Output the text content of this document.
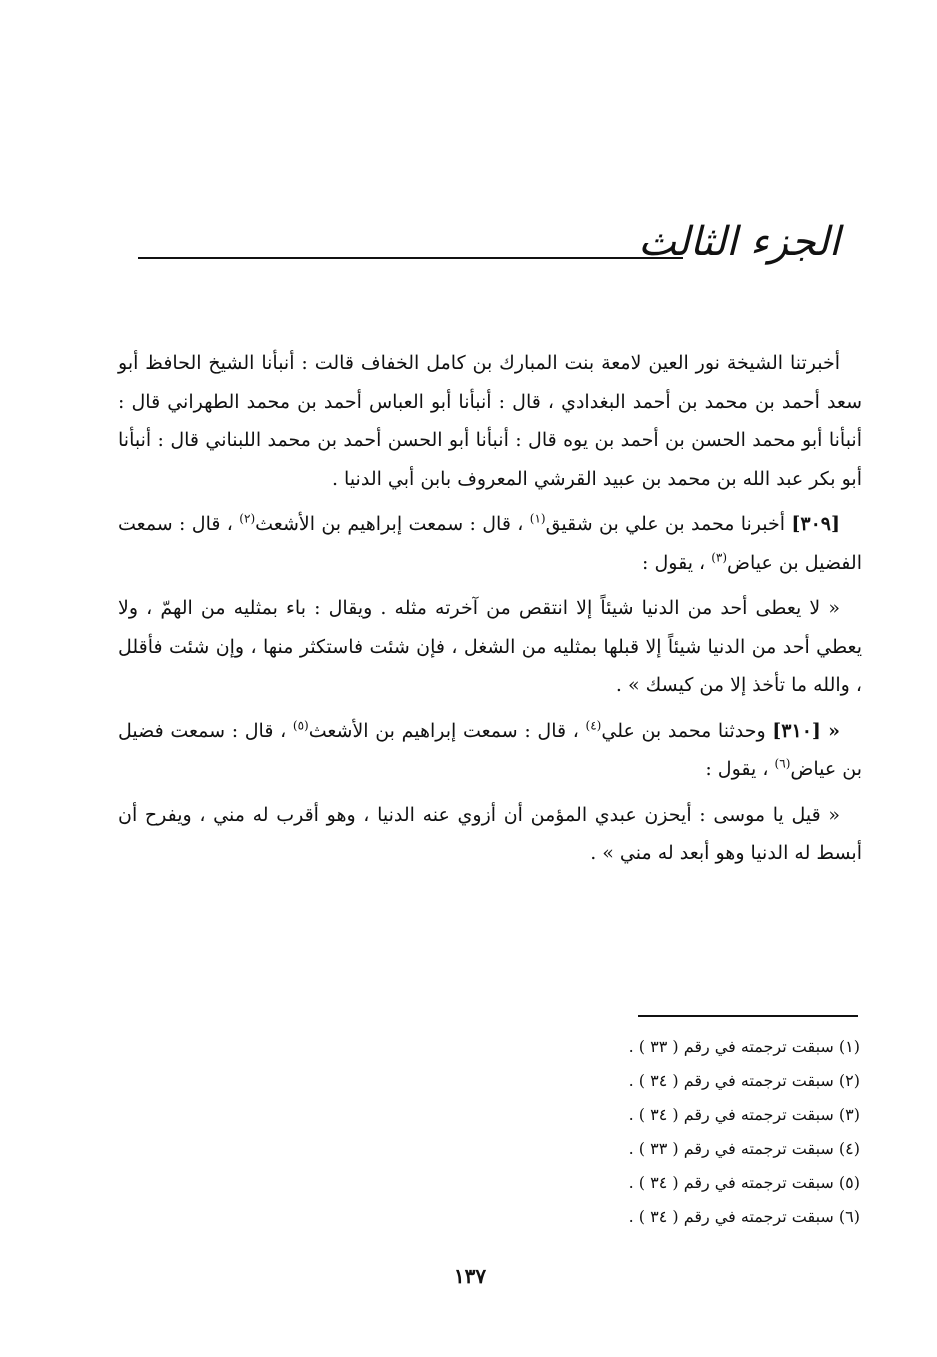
الجزء الثالث

أخبرتنا الشيخة نور العين لامعة بنت المبارك بن كامل الخفاف قالت : أنبأنا الشيخ الحافظ أبو سعد أحمد بن محمد بن أحمد البغدادي ، قال : أنبأنا أبو العباس أحمد بن محمد الطهراني قال : أنبأنا أبو محمد الحسن بن أحمد بن يوه قال : أنبأنا أبو الحسن أحمد بن محمد اللبناني قال : أنبأنا أبو بكر عبد الله بن محمد بن عبيد القرشي المعروف بابن أبي الدنيا .

[٣٠٩] أخبرنا محمد بن علي بن شقيق$^{(١)}$ ، قال : سمعت إبراهيم بن الأشعث$^{(٢)}$ ، قال : سمعت الفضيل بن عياض$^{(٣)}$ ، يقول :

« لا يعطى أحد من الدنيا شيئاً إلا انتقص من آخرته مثله . ويقال : باء بمثليه من الهمّ ، ولا يعطي أحد من الدنيا شيئاً إلا قبلها بمثليه من الشغل ، فإن شئت فاستكثر منها ، وإن شئت فأقلل ، والله ما تأخذ إلا من كيسك » .

« [٣١٠] وحدثنا محمد بن علي$^{(٤)}$ ، قال : سمعت إبراهيم بن الأشعث$^{(٥)}$ ، قال : سمعت فضيل بن عياض$^{(٦)}$ ، يقول :

« قيل يا موسى : أيحزن عبدي المؤمن أن أزوي عنه الدنيا ، وهو أقرب له مني ، ويفرح أن أبسط له الدنيا وهو أبعد له مني » .

(١) سبقت ترجمته في رقم ( ٣٣ ) .
(٢) سبقت ترجمته في رقم ( ٣٤ ) .
(٣) سبقت ترجمته في رقم ( ٣٤ ) .
(٤) سبقت ترجمته في رقم ( ٣٣ ) .
(٥) سبقت ترجمته في رقم ( ٣٤ ) .
(٦) سبقت ترجمته في رقم ( ٣٤ ) .
١٣٧
